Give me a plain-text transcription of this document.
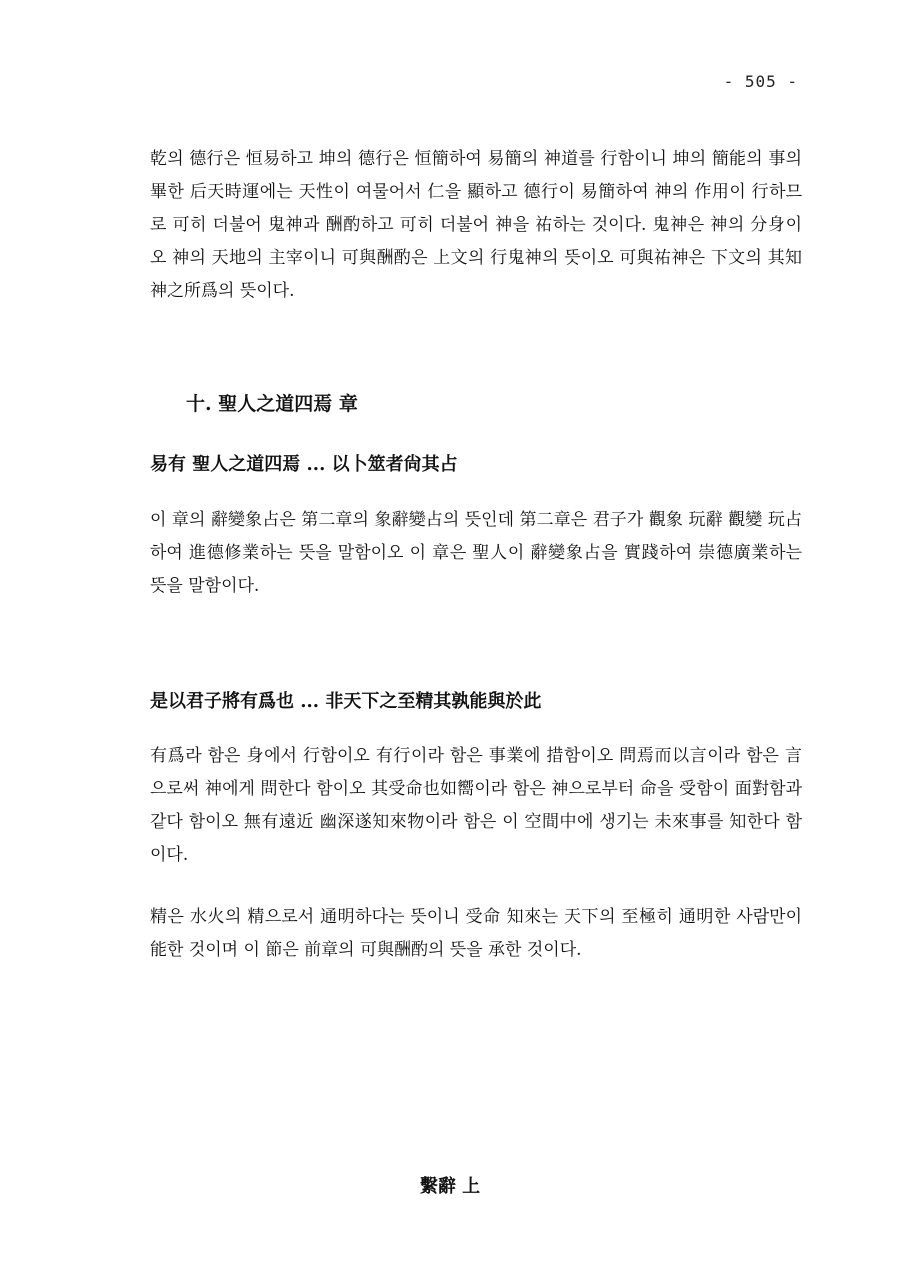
- 505 -

乾의 德行은 恒易하고 坤의 德行은 恒簡하여 易簡의 神道를 行함이니 坤의 簡能의 事의 畢한 后天時運에는 天性이 여물어서 仁을 顯하고 德行이 易簡하여 神의 作用이 行하므로 可히 더불어 鬼神과 酬酌하고 可히 더불어 神을 祐하는 것이다. 鬼神은 神의 分身이오 神의 天地의 主宰이니 可與酬酌은 上文의 行鬼神의 뜻이오 可與祐神은 下文의 其知神之所爲의 뜻이다.

十. 聖人之道四焉 章
易有 聖人之道四焉 ... 以卜筮者尙其占

이 章의 辭變象占은 第二章의 象辭變占의 뜻인데 第二章은 君子가 觀象 玩辭 觀變 玩占하여 進德修業하는 뜻을 말함이오 이 章은 聖人이 辭變象占을 實踐하여 崇德廣業하는 뜻을 말함이다.

是以君子將有爲也 ... 非天下之至精其孰能與於此

有爲라 함은 身에서 行함이오 有行이라 함은 事業에 措함이오 問焉而以言이라 함은 言으로써 神에게 問한다 함이오 其受命也如嚮이라 함은 神으로부터 命을 受함이 面對함과 같다 함이오 無有遠近 幽深遂知來物이라 함은 이 空間中에 생기는 未來事를 知한다 함이다.

精은 水火의 精으로서 通明하다는 뜻이니 受命 知來는 天下의 至極히 通明한 사람만이 能한 것이며 이 節은 前章의 可與酬酌의 뜻을 承한 것이다.

繫辭 上
